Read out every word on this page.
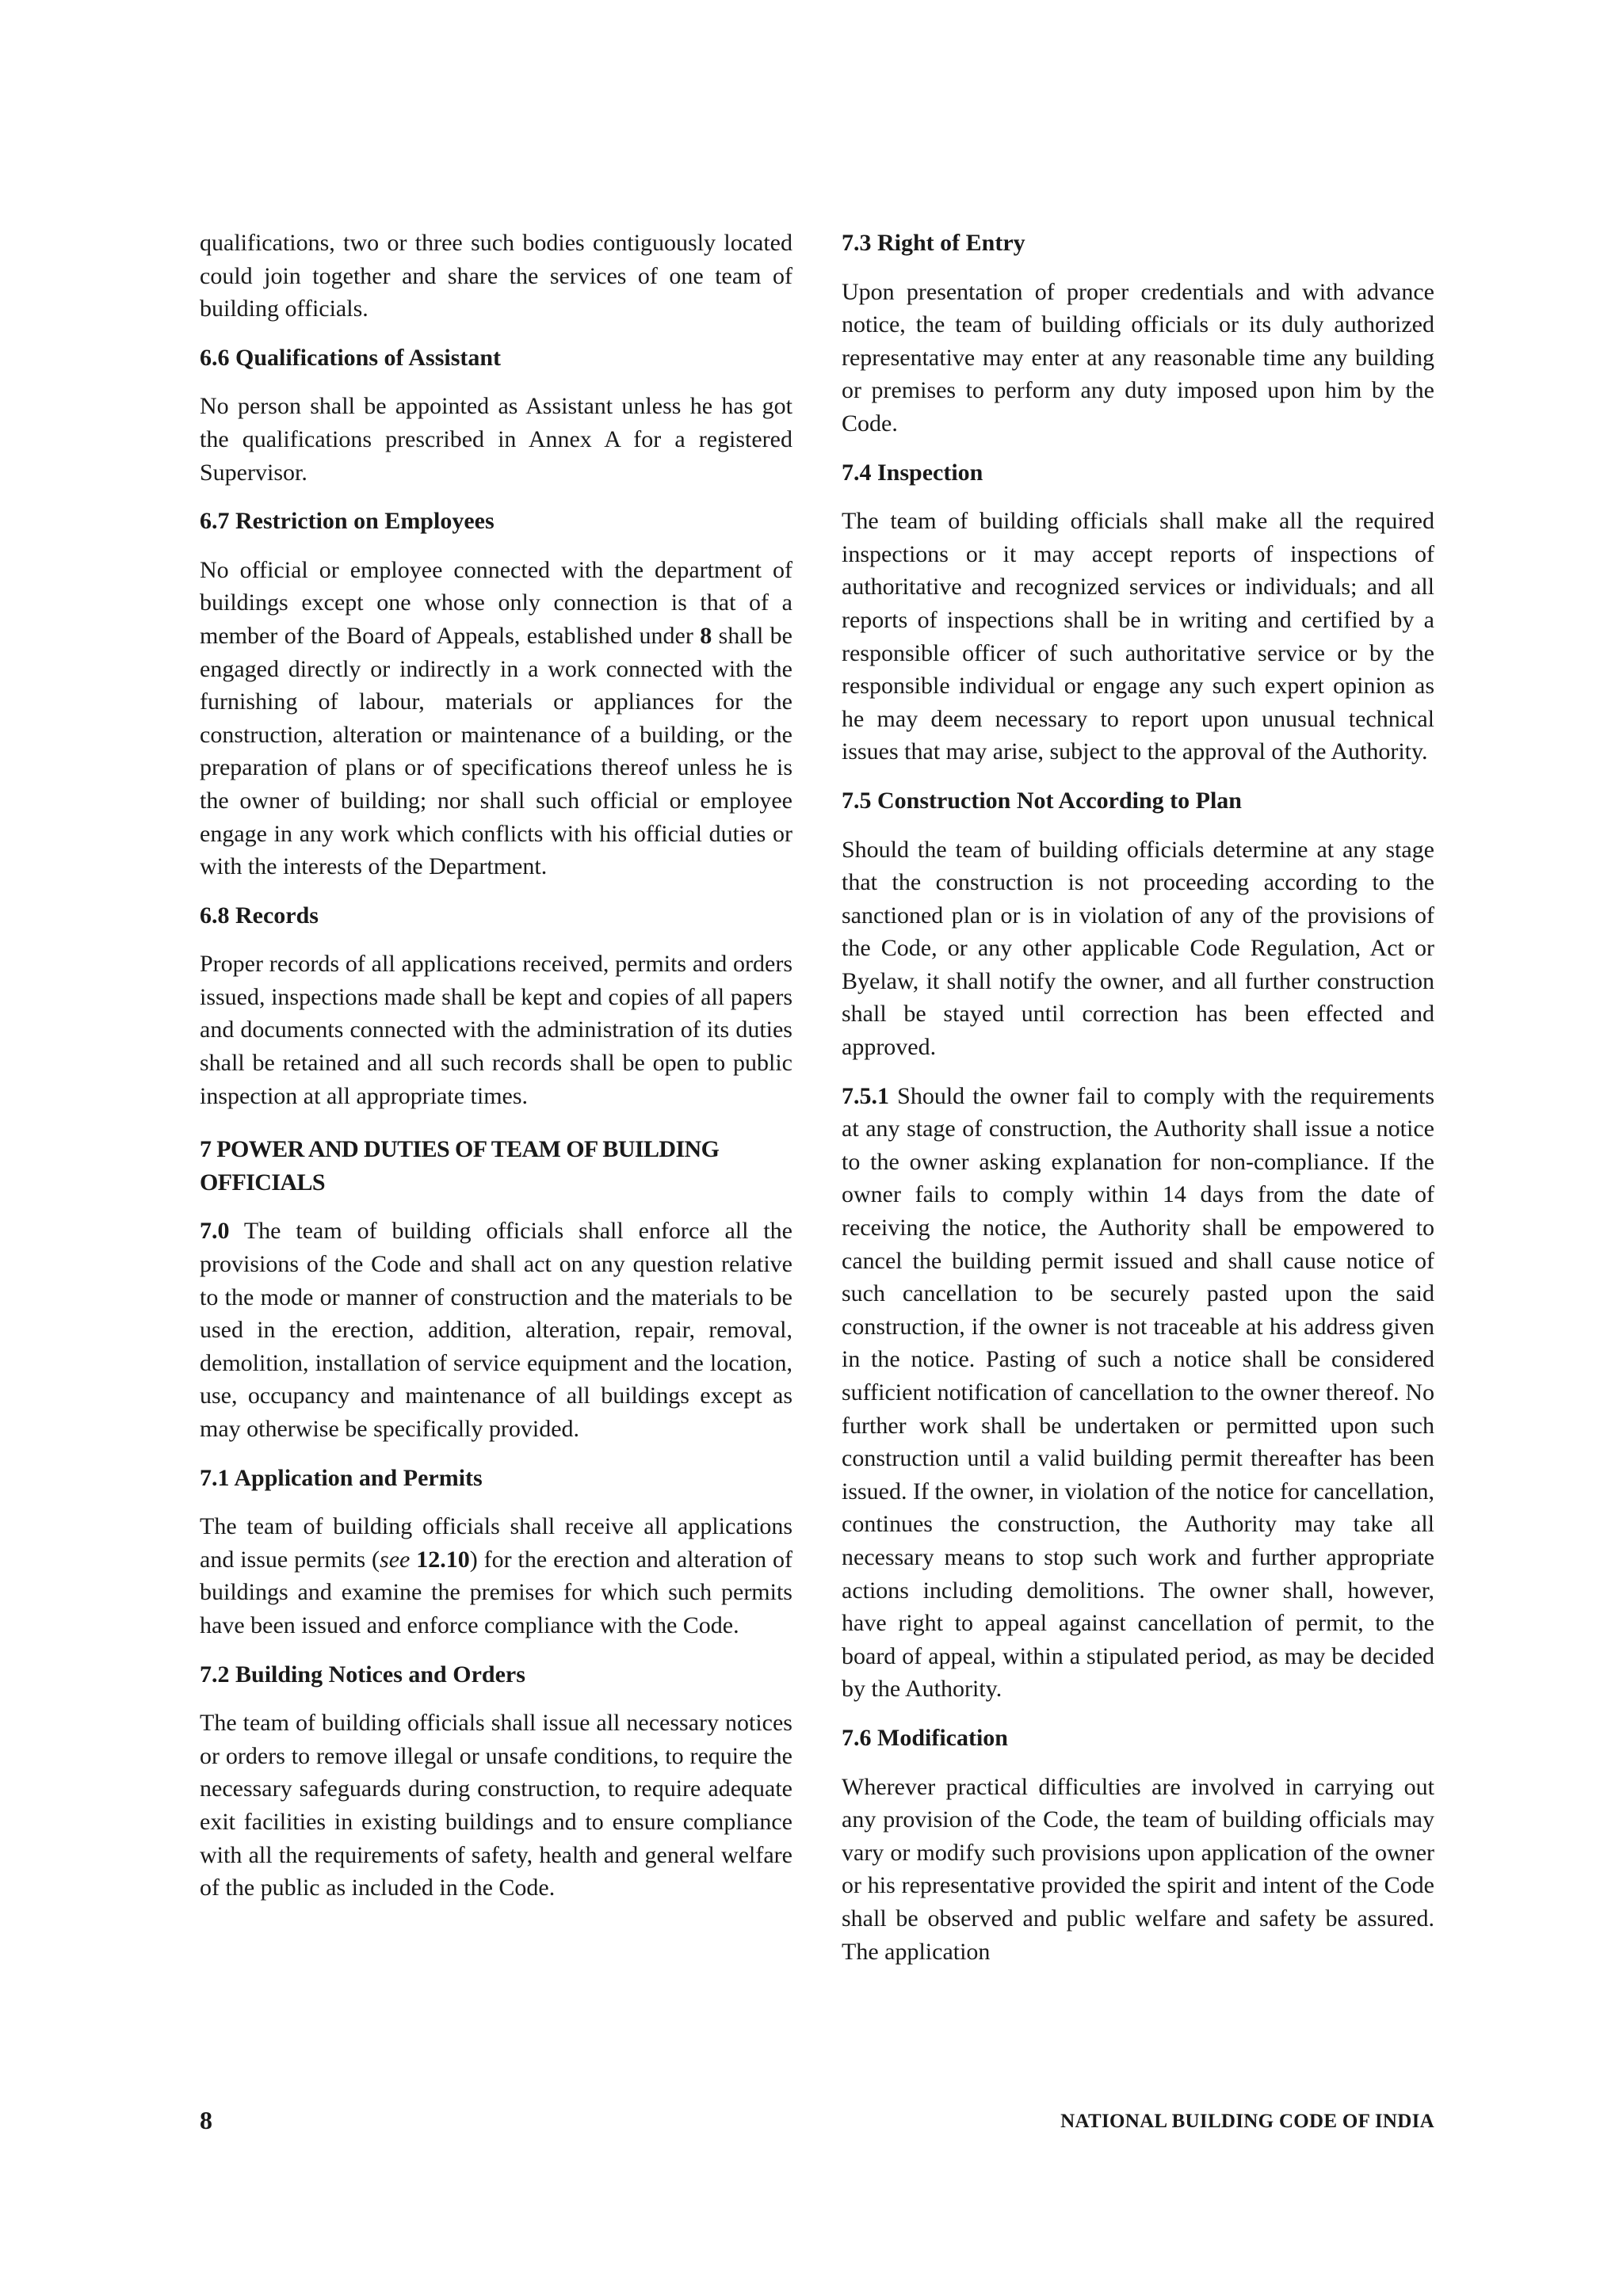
qualifications, two or three such bodies contiguously located could join together and share the services of one team of building officials.

6.6 Qualifications of Assistant

No person shall be appointed as Assistant unless he has got the qualifications prescribed in Annex A for a registered Supervisor.

6.7 Restriction on Employees

No official or employee connected with the department of buildings except one whose only connection is that of a member of the Board of Appeals, established under 8 shall be engaged directly or indirectly in a work connected with the furnishing of labour, materials or appliances for the construction, alteration or maintenance of a building, or the preparation of plans or of specifications thereof unless he is the owner of building; nor shall such official or employee engage in any work which conflicts with his official duties or with the interests of the Department.

6.8 Records

Proper records of all applications received, permits and orders issued, inspections made shall be kept and copies of all papers and documents connected with the administration of its duties shall be retained and all such records shall be open to public inspection at all appropriate times.

7 POWER AND DUTIES OF TEAM OF BUILDING OFFICIALS

7.0 The team of building officials shall enforce all the provisions of the Code and shall act on any question relative to the mode or manner of construction and the materials to be used in the erection, addition, alteration, repair, removal, demolition, installation of service equipment and the location, use, occupancy and maintenance of all buildings except as may otherwise be specifically provided.

7.1 Application and Permits

The team of building officials shall receive all applications and issue permits (see 12.10) for the erection and alteration of buildings and examine the premises for which such permits have been issued and enforce compliance with the Code.

7.2 Building Notices and Orders

The team of building officials shall issue all necessary notices or orders to remove illegal or unsafe conditions, to require the necessary safeguards during construction, to require adequate exit facilities in existing buildings and to ensure compliance with all the requirements of safety, health and general welfare of the public as included in the Code.

7.3 Right of Entry

Upon presentation of proper credentials and with advance notice, the team of building officials or its duly authorized representative may enter at any reasonable time any building or premises to perform any duty imposed upon him by the Code.

7.4 Inspection

The team of building officials shall make all the required inspections or it may accept reports of inspections of authoritative and recognized services or individuals; and all reports of inspections shall be in writing and certified by a responsible officer of such authoritative service or by the responsible individual or engage any such expert opinion as he may deem necessary to report upon unusual technical issues that may arise, subject to the approval of the Authority.

7.5 Construction Not According to Plan

Should the team of building officials determine at any stage that the construction is not proceeding according to the sanctioned plan or is in violation of any of the provisions of the Code, or any other applicable Code Regulation, Act or Byelaw, it shall notify the owner, and all further construction shall be stayed until correction has been effected and approved.

7.5.1 Should the owner fail to comply with the requirements at any stage of construction, the Authority shall issue a notice to the owner asking explanation for non-compliance. If the owner fails to comply within 14 days from the date of receiving the notice, the Authority shall be empowered to cancel the building permit issued and shall cause notice of such cancellation to be securely pasted upon the said construction, if the owner is not traceable at his address given in the notice. Pasting of such a notice shall be considered sufficient notification of cancellation to the owner thereof. No further work shall be undertaken or permitted upon such construction until a valid building permit thereafter has been issued. If the owner, in violation of the notice for cancellation, continues the construction, the Authority may take all necessary means to stop such work and further appropriate actions including demolitions. The owner shall, however, have right to appeal against cancellation of permit, to the board of appeal, within a stipulated period, as may be decided by the Authority.

7.6 Modification

Wherever practical difficulties are involved in carrying out any provision of the Code, the team of building officials may vary or modify such provisions upon application of the owner or his representative provided the spirit and intent of the Code shall be observed and public welfare and safety be assured. The application

8	NATIONAL BUILDING CODE OF INDIA
